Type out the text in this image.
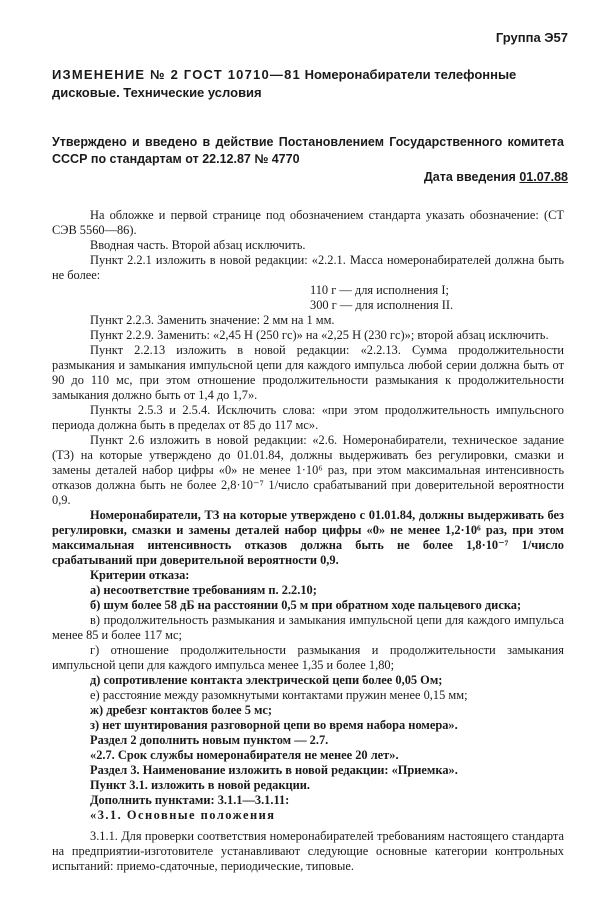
Группа Э57
ИЗМЕНЕНИЕ № 2 ГОСТ 10710—81 Номеронабиратели телефонные дисковые. Технические условия
Утверждено и введено в действие Постановлением Государственного комитета СССР по стандартам от 22.12.87 № 4770
Дата введения 01.07.88

На обложке и первой странице под обозначением стандарта указать обозначение: (СТ СЭВ 5560—86).

Вводная часть. Второй абзац исключить.

Пункт 2.2.1 изложить в новой редакции: «2.2.1. Масса номеронабирателей должна быть не более:

110 г — для исполнения I;

300 г — для исполнения II.

Пункт 2.2.3. Заменить значение: 2 мм на 1 мм.

Пункт 2.2.9. Заменить: «2,45 Н (250 гс)» на «2,25 Н (230 гс)»; второй абзац исключить.

Пункт 2.2.13 изложить в новой редакции: «2.2.13. Сумма продолжительности размыкания и замыкания импульсной цепи для каждого импульса любой серии должна быть от 90 до 110 мс, при этом отношение продолжительности размыкания к продолжительности замыкания должно быть от 1,4 до 1,7».

Пункты 2.5.3 и 2.5.4. Исключить слова: «при этом продолжительность импульсного периода должна быть в пределах от 85 до 117 мс».

Пункт 2.6 изложить в новой редакции: «2.6. Номеронабиратели, техническое задание (ТЗ) на которые утверждено до 01.01.84, должны выдерживать без регулировки, смазки и замены деталей набор цифры «0» не менее 1·10⁶ раз, при этом максимальная интенсивность отказов должна быть не более 2,8·10⁻⁷ 1/число срабатываний при доверительной вероятности 0,9.

Номеронабиратели, ТЗ на которые утверждено с 01.01.84, должны выдерживать без регулировки, смазки и замены деталей набор цифры «0» не менее 1,2·10⁶ раз, при этом максимальная интенсивность отказов должна быть не более 1,8·10⁻⁷ 1/число срабатываний при доверительной вероятности 0,9.

Критерии отказа:

а) несоответствие требованиям п. 2.2.10;

б) шум более 58 дБ на расстоянии 0,5 м при обратном ходе пальцевого диска;

в) продолжительность размыкания и замыкания импульсной цепи для каждого импульса менее 85 и более 117 мс;

г) отношение продолжительности размыкания и продолжительности замыкания импульсной цепи для каждого импульса менее 1,35 и более 1,80;

д) сопротивление контакта электрической цепи более 0,05 Ом;

е) расстояние между разомкнутыми контактами пружин менее 0,15 мм;

ж) дребезг контактов более 5 мс;

з) нет шунтирования разговорной цепи во время набора номера».

Раздел 2 дополнить новым пунктом — 2.7.

«2.7. Срок службы номеронабирателя не менее 20 лет».

Раздел 3. Наименование изложить в новой редакции: «Приемка».

Пункт 3.1. изложить в новой редакции.

Дополнить пунктами: 3.1.1—3.1.11:

«3.1. Основные положения

3.1.1. Для проверки соответствия номеронабирателей требованиям настоящего стандарта на предприятии-изготовителе устанавливают следующие основные категории контрольных испытаний: приемо-сдаточные, периодические, типовые.
